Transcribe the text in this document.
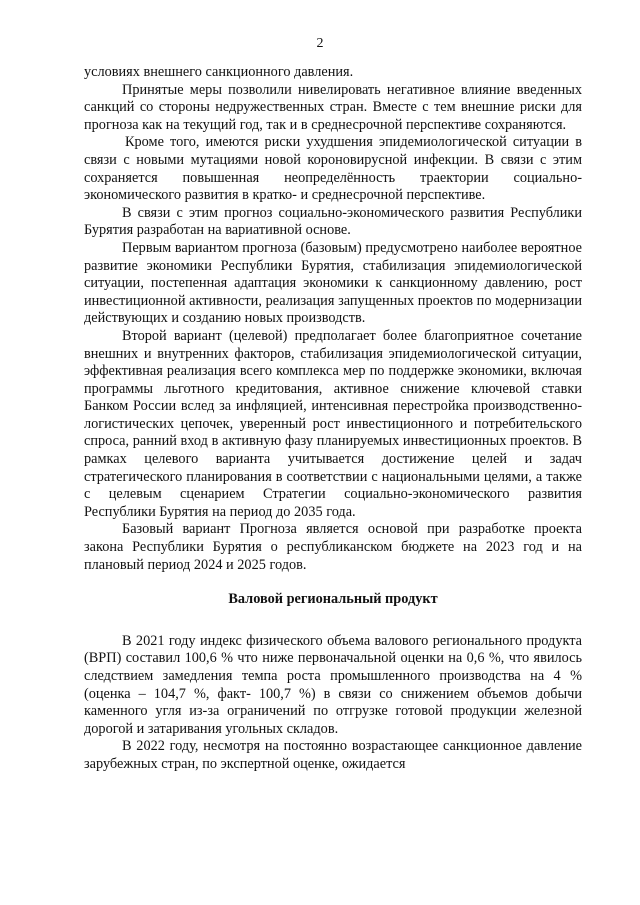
2

условиях внешнего санкционного давления.

Принятые меры позволили нивелировать негативное влияние введенных санкций со стороны недружественных стран. Вместе с тем внешние риски для прогноза как на текущий год, так и в среднесрочной перспективе сохраняются.

Кроме того, имеются риски ухудшения эпидемиологической ситуации в связи с новыми мутациями новой короновирусной инфекции. В связи с этим сохраняется повышенная неопределённость траектории социально-экономического развития в кратко- и среднесрочной перспективе.

В связи с этим прогноз социально-экономического развития Республики Бурятия разработан на вариативной основе.

Первым вариантом прогноза (базовым) предусмотрено наиболее вероятное развитие экономики Республики Бурятия, стабилизация эпидемиологической ситуации, постепенная адаптация экономики к санкционному давлению, рост инвестиционной активности, реализация запущенных проектов по модернизации действующих и созданию новых производств.

Второй вариант (целевой) предполагает более благоприятное сочетание внешних и внутренних факторов, стабилизация эпидемиологической ситуации, эффективная реализация всего комплекса мер по поддержке экономики, включая программы льготного кредитования, активное снижение ключевой ставки Банком России вслед за инфляцией, интенсивная перестройка производственно-логистических цепочек, уверенный рост инвестиционного и потребительского спроса, ранний вход в активную фазу планируемых инвестиционных проектов. В рамках целевого варианта учитывается достижение целей и задач стратегического планирования в соответствии с национальными целями, а также с целевым сценарием Стратегии социально-экономического развития Республики Бурятия на период до 2035 года.

Базовый вариант Прогноза является основой при разработке проекта закона Республики Бурятия о республиканском бюджете на 2023 год и на плановый период 2024 и 2025 годов.

Валовой региональный продукт

В 2021 году индекс физического объема валового регионального продукта (ВРП) составил 100,6 % что ниже первоначальной оценки на 0,6 %, что явилось следствием замедления темпа роста промышленного производства на 4 % (оценка – 104,7 %, факт- 100,7 %) в связи со снижением объемов добычи каменного угля из-за ограничений по отгрузке готовой продукции железной дорогой и затаривания угольных складов.

В 2022 году, несмотря на постоянно возрастающее санкционное давление зарубежных стран, по экспертной оценке, ожидается
